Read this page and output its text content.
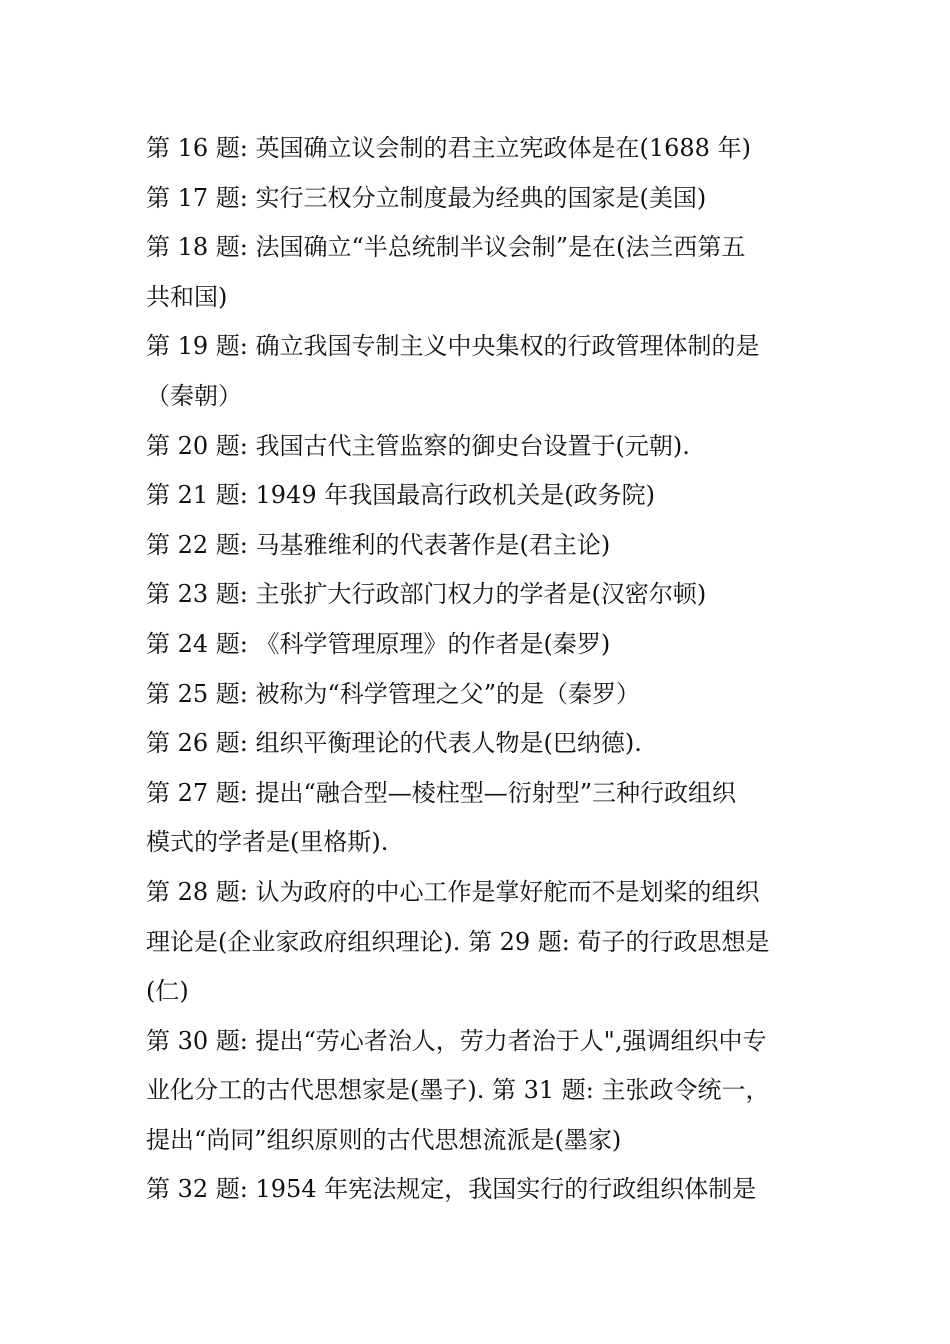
第 16 题: 英国确立议会制的君主立宪政体是在(1688 年)
第 17 题: 实行三权分立制度最为经典的国家是(美国)
第 18 题: 法国确立“半总统制半议会制”是在(法兰西第五
共和国)
第 19 题: 确立我国专制主义中央集权的行政管理体制的是
（秦朝）
第 20 题: 我国古代主管监察的御史台设置于(元朝).
第 21 题: 1949 年我国最高行政机关是(政务院)
第 22 题: 马基雅维利的代表著作是(君主论)
第 23 题: 主张扩大行政部门权力的学者是(汉密尔顿)
第 24 题: 《科学管理原理》的作者是(秦罗)
第 25 题: 被称为“科学管理之父”的是（秦罗）
第 26 题: 组织平衡理论的代表人物是(巴纳德).
第 27 题: 提出“融合型—棱柱型—衍射型”三种行政组织
模式的学者是(里格斯).
第 28 题: 认为政府的中心工作是掌好舵而不是划桨的组织
理论是(企业家政府组织理论). 第 29 题: 荀子的行政思想是
(仁)
第 30 题: 提出“劳心者治人，劳力者治于人",强调组织中专
业化分工的古代思想家是(墨子). 第 31 题: 主张政令统一，
提出“尚同”组织原则的古代思想流派是(墨家)
第 32 题: 1954 年宪法规定，我国实行的行政组织体制是
